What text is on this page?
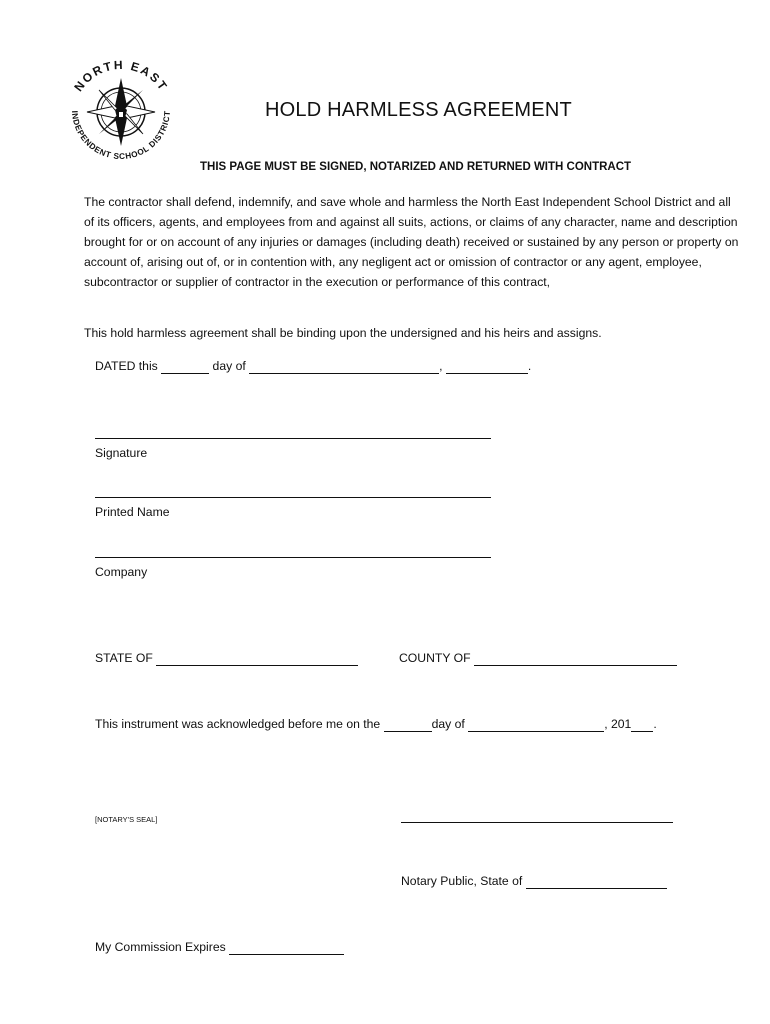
NORTH EAST
INDEPENDENT SCHOOL DISTRICT	HOLD HARMLESS AGREEMENT
THIS PAGE MUST BE SIGNED, NOTARIZED AND RETURNED WITH CONTRACT

The contractor shall defend, indemnify, and save whole and harmless the North East Independent School District and all of its officers, agents, and employees from and against all suits, actions, or claims of any character, name and description brought for or on account of any injuries or damages (including death) received or sustained by any person or property on account of, arising out of, or in contention with, any negligent act or omission of contractor or any agent, employee, subcontractor or supplier of contractor in the execution or performance of this contract,

This hold harmless agreement shall be binding upon the undersigned and his heirs and assigns.
DATED this	day of	,	.
Signature
Printed Name
Company
STATE OF	COUNTY OF
This instrument was acknowledged before me on the	day of	, 201 .
[NOTARY'S SEAL]
Notary Public, State of
My Commission Expires
